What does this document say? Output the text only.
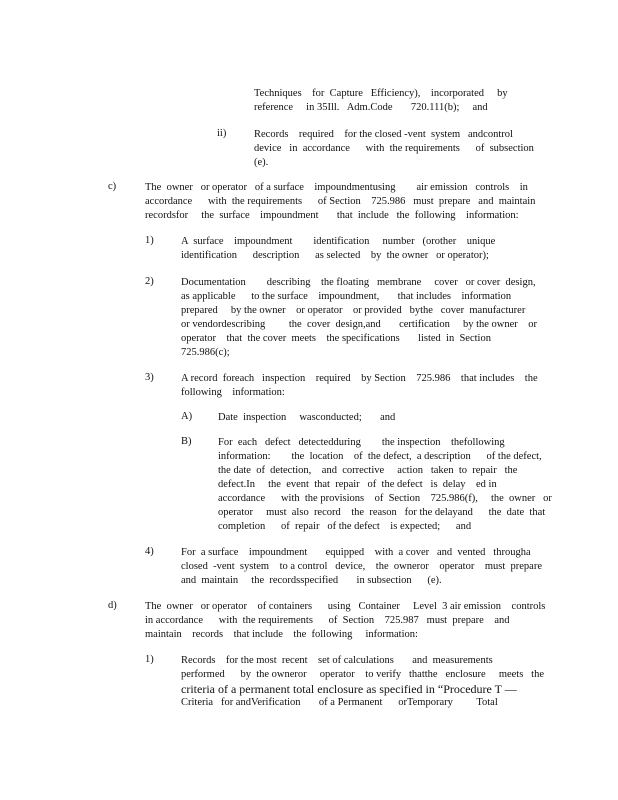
Techniques    for  Capture   Efficiency),    incorporated     by
reference     in 35Ill.   Adm.Code       720.111(b);     and
ii)	Records    required    for the closed -vent  system   andcontrol
device   in  accordance      with  the requirements      of  subsection
(e).
c)	The  owner   or operator   of a surface    impoundmentusing        air emission   controls    in
accordance      with  the requirements      of Section    725.986   must  prepare   and  maintain
recordsfor     the  surface    impoundment       that  include   the  following    information:
1)	A  surface    impoundment        identification     number   (orother    unique
identification      description      as selected    by  the owner   or operator);
2)	Documentation        describing    the floating   membrane     cover   or cover  design,
as applicable      to the surface    impoundment,       that includes    information
prepared     by the owner    or operator    or provided   bythe   cover  manufacturer
or vendordescribing         the  cover  design,and       certification     by the owner    or
operator    that  the cover  meets    the specifications       listed  in  Section
725.986(c);
3)	A record  foreach   inspection    required    by Section    725.986    that includes    the
following    information:
A) Date  inspection     wasconducted;       and
B)	For  each   defect   detectedduring        the inspection    thefollowing
information:        the  location    of  the defect,  a description      of the defect,
the date  of  detection,    and  corrective     action   taken  to  repair   the
defect.In     the  event  that  repair   of  the defect   is  delay    ed in
accordance      with  the provisions    of  Section    725.986(f),     the  owner   or
operator     must  also  record    the  reason   for the delayand      the  date  that
completion      of  repair   of the defect    is expected;      and
4)	For  a surface    impoundment       equipped    with  a cover   and  vented   througha
closed  -vent  system    to a control   device,    the  owneror    operator    must  prepare
and  maintain     the  recordsspecified       in subsection      (e).
d)	The  owner   or operator    of containers      using   Container     Level  3 air emission    controls
in accordance      with  the requirements      of  Section    725.987   must  prepare    and
maintain    records    that include    the  following     information:
1)	Records    for the most  recent    set of calculations       and  measurements
performed      by  the owneror     operator    to verify   thatthe   enclosure     meets   the
criteria of a permanent total enclosure as specified in “Procedure T —
Criteria   for andVerification       of a Permanent      orTemporary         Total
